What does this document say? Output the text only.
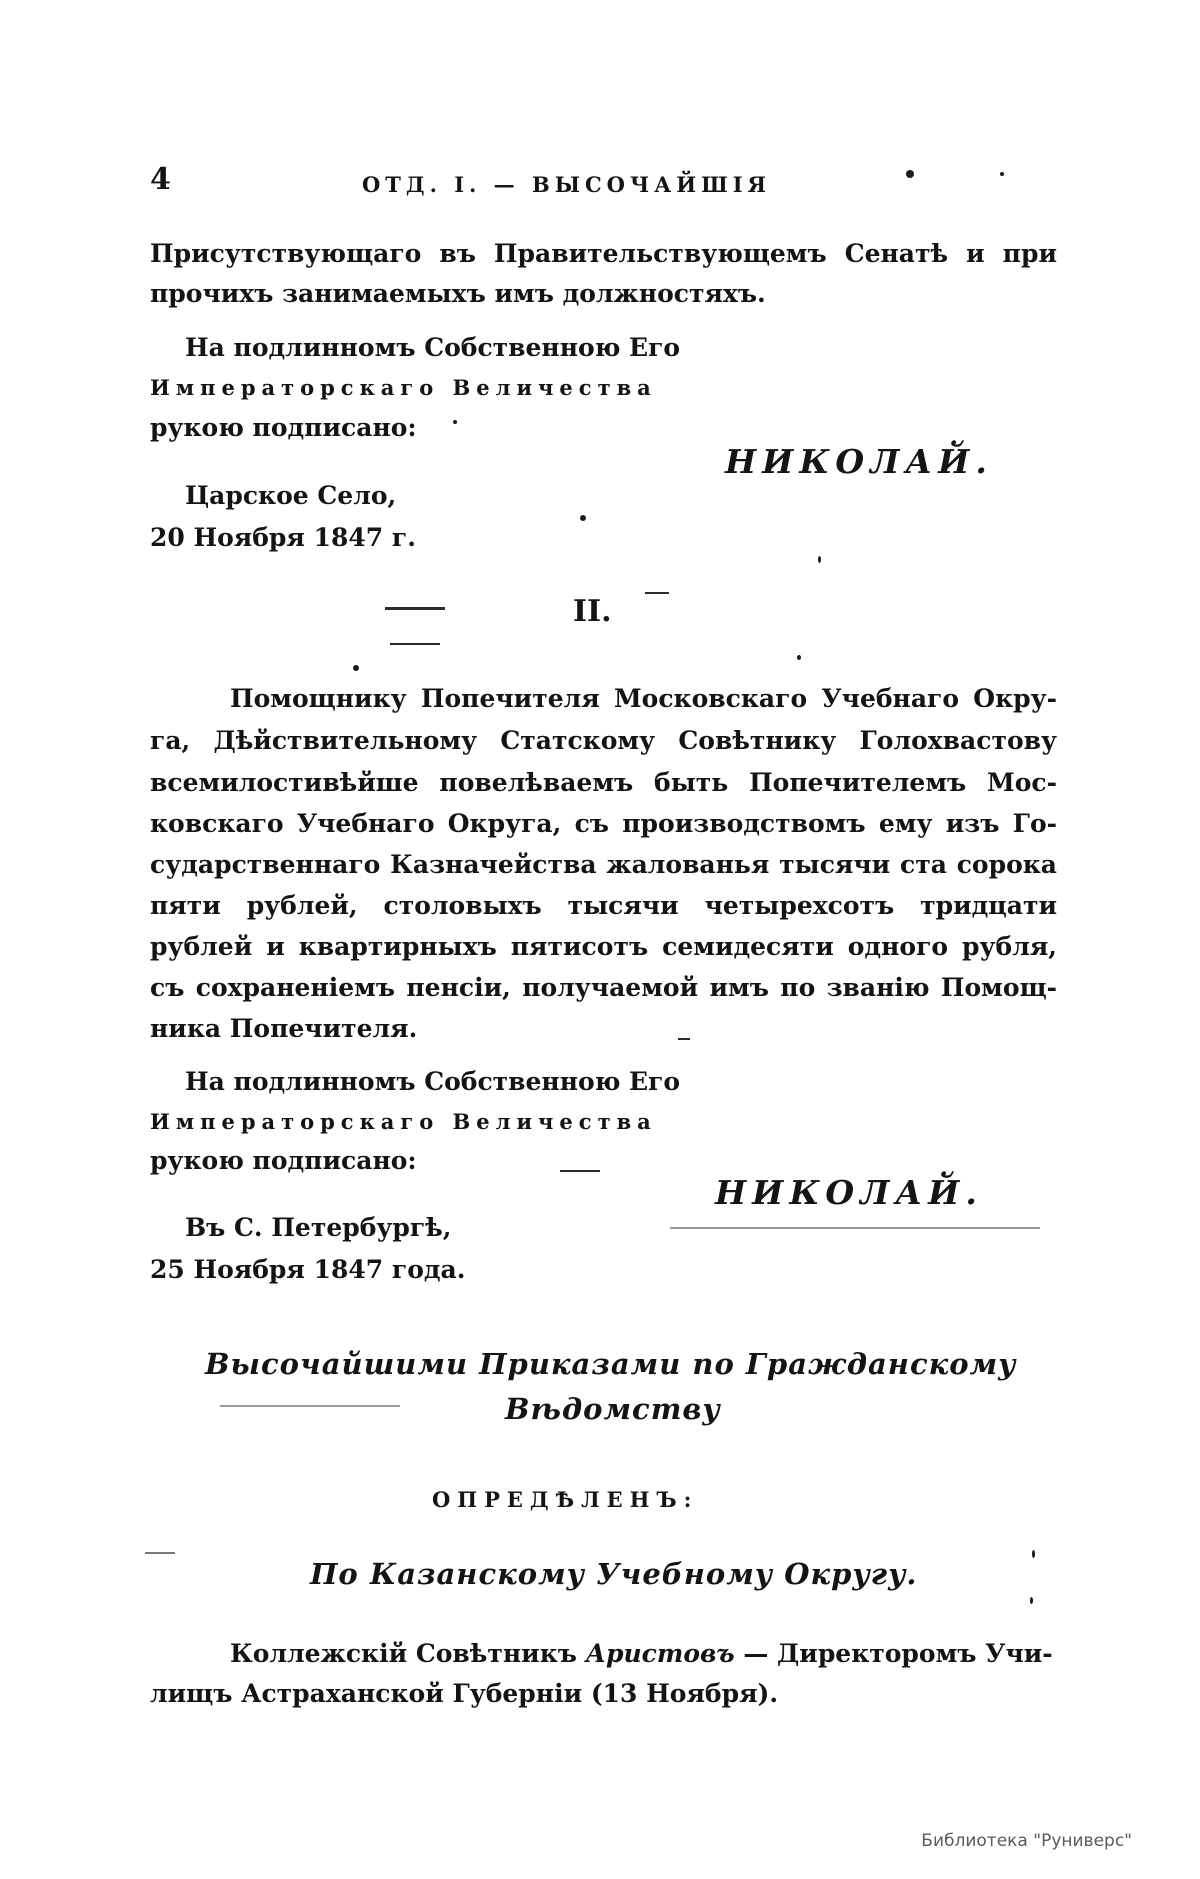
4	ОТД. I. — ВЫСОЧАЙШІЯ
Присутствующаго въ Правительствующемъ Сенатѣ и при
прочихъ занимаемыхъ имъ должностяхъ.
На подлинномъ Собственною Его
Императорскаго Величества
рукою подписано:
НИКОЛАЙ.
Царское Село,
20 Ноября 1847 г.
II.
Помощнику Попечителя Московскаго Учебнаго Окру-
га, Дѣйствительному Статскому Совѣтнику Голохвастову
всемилостивѣйше повелѣваемъ быть Попечителемъ Мос-
ковскаго Учебнаго Округа, съ производствомъ ему изъ Го-
сударственнаго Казначейства жалованья тысячи ста сорока
пяти рублей, столовыхъ тысячи четырехсотъ тридцати
рублей и квартирныхъ пятисотъ семидесяти одного рубля,
съ сохраненіемъ пенсіи, получаемой имъ по званію Помощ-
ника Попечителя.
На подлинномъ Собственною Его
Императорскаго Величества
рукою подписано:
НИКОЛАЙ.
Въ С. Петербургѣ,
25 Ноября 1847 года.
Высочайшими Приказами по Гражданскому
Вѣдомству
ОПРЕДѢЛЕНЪ:
По Казанскому Учебному Округу.
Коллежскій Совѣтникъ Аристовъ — Директоромъ Учи-
лищъ Астраханской Губерніи (13 Ноября).
Библиотека "Руниверс"
